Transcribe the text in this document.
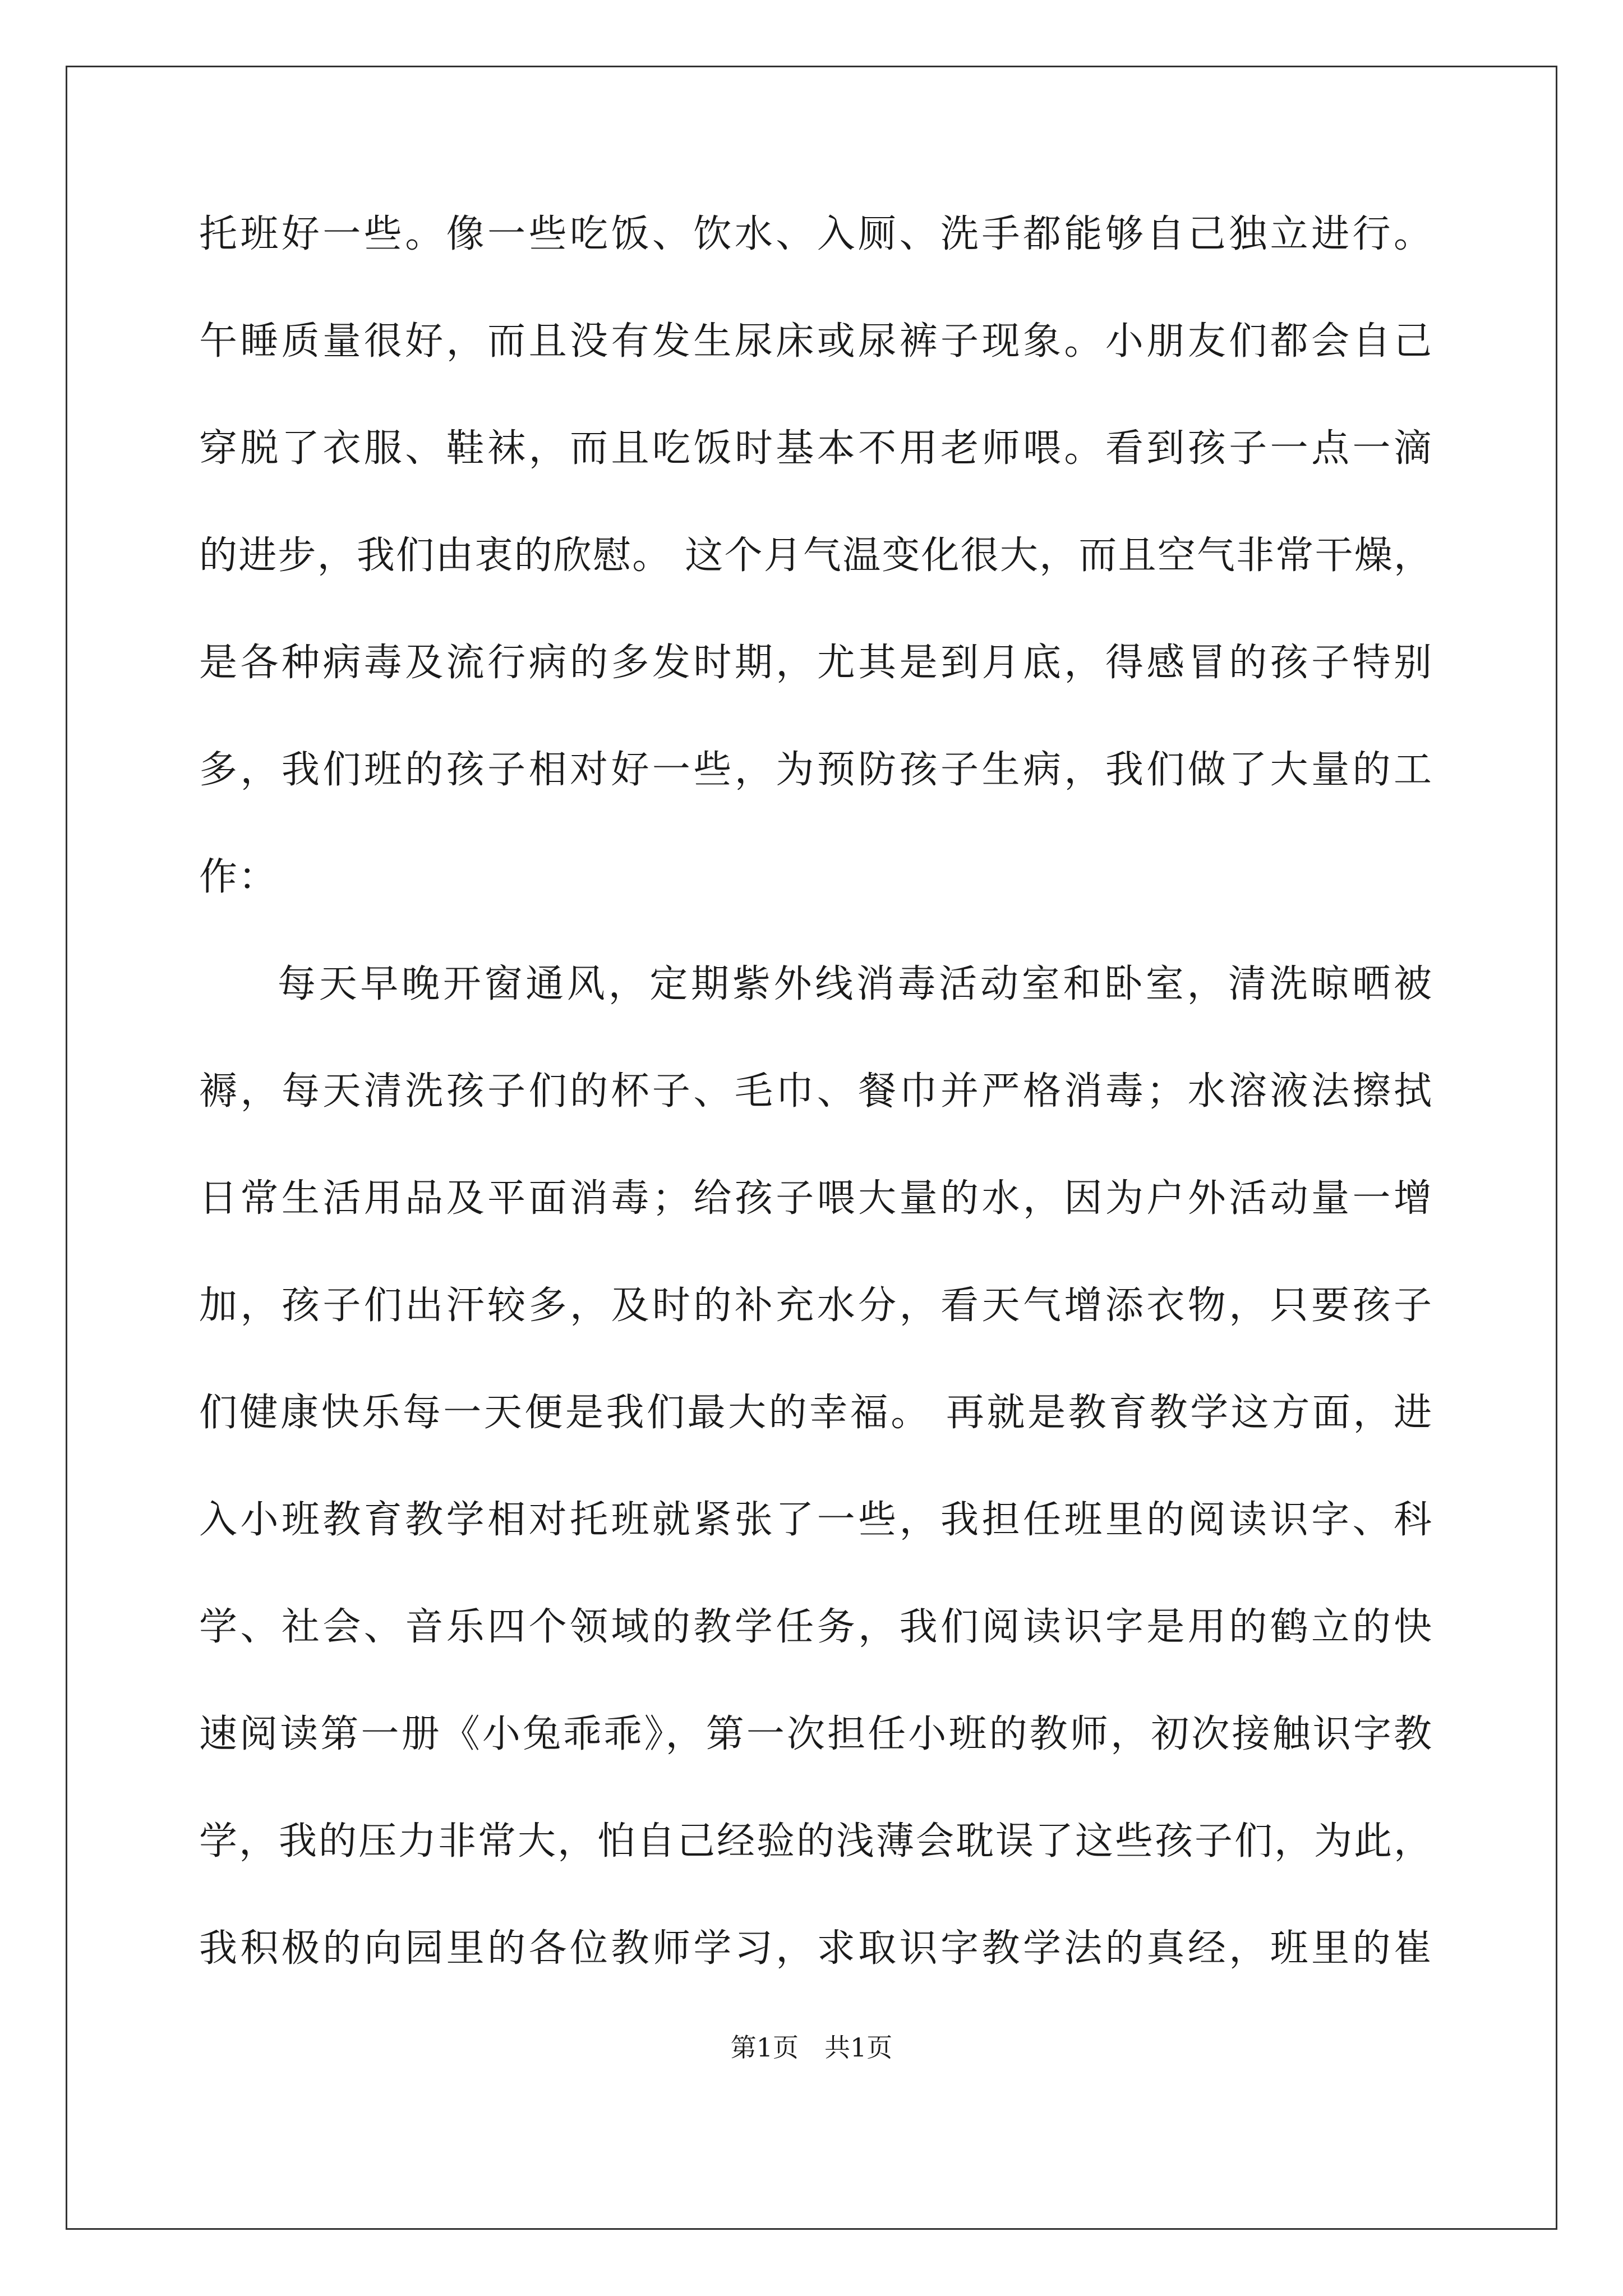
托班好一些。像一些吃饭、饮水、入厕、洗手都能够自己独立进行。
午睡质量很好，而且没有发生尿床或尿裤子现象。小朋友们都会自己
穿脱了衣服、鞋袜，而且吃饭时基本不用老师喂。看到孩子一点一滴
的进步，我们由衷的欣慰。 这个月气温变化很大，而且空气非常干燥，
是各种病毒及流行病的多发时期，尤其是到月底，得感冒的孩子特别
多，我们班的孩子相对好一些，为预防孩子生病，我们做了大量的工
作：
每天早晚开窗通风，定期紫外线消毒活动室和卧室，清洗晾晒被
褥，每天清洗孩子们的杯子、毛巾、餐巾并严格消毒；水溶液法擦拭
日常生活用品及平面消毒；给孩子喂大量的水，因为户外活动量一增
加，孩子们出汗较多，及时的补充水分，看天气增添衣物，只要孩子
们健康快乐每一天便是我们最大的幸福。 再就是教育教学这方面，进
入小班教育教学相对托班就紧张了一些，我担任班里的阅读识字、科
学、社会、音乐四个领域的教学任务，我们阅读识字是用的鹤立的快
速阅读第一册《小兔乖乖》，第一次担任小班的教师，初次接触识字教
学，我的压力非常大，怕自己经验的浅薄会耽误了这些孩子们，为此，
我积极的向园里的各位教师学习，求取识字教学法的真经，班里的崔
第1页　共1页
